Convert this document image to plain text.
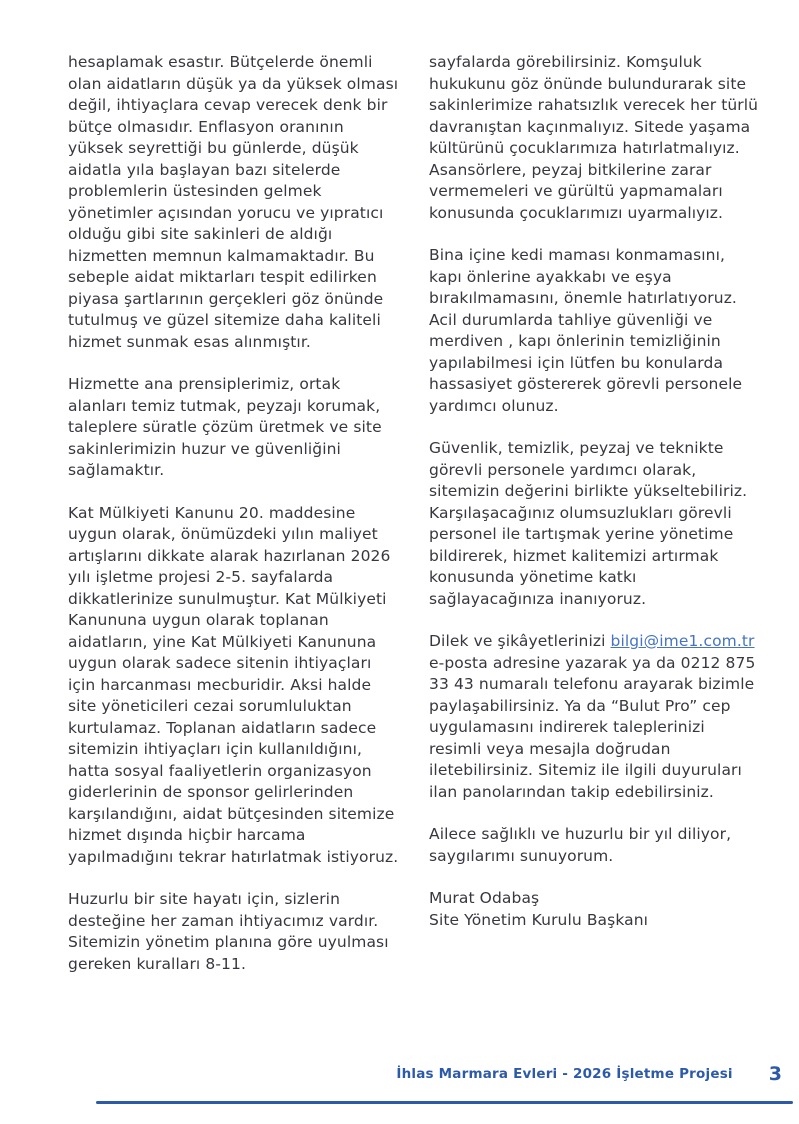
hesaplamak esastır. Bütçelerde önemli olan aidatların düşük ya da yüksek olması değil, ihtiyaçlara cevap verecek denk bir bütçe olmasıdır. Enflasyon oranının yüksek seyrettiği bu günlerde, düşük aidatla yıla başlayan bazı sitelerde problemlerin üstesinden gelmek yönetimler açısından yorucu ve yıpratıcı olduğu gibi site sakinleri de aldığı hizmetten memnun kalmamaktadır. Bu sebeple aidat miktarları tespit edilirken piyasa şartlarının gerçekleri göz önünde tutulmuş ve güzel sitemize daha kaliteli hizmet sunmak esas alınmıştır.

Hizmette ana prensiplerimiz, ortak alanları temiz tutmak, peyzajı korumak, taleplere süratle çözüm üretmek ve site sakinlerimizin huzur ve güvenliğini sağlamaktır.

Kat Mülkiyeti Kanunu 20. maddesine uygun olarak, önümüzdeki yılın maliyet artışlarını dikkate alarak hazırlanan 2026 yılı işletme projesi 2-5. sayfalarda dikkatlerinize sunulmuştur. Kat Mülkiyeti Kanununa uygun olarak toplanan aidatların, yine Kat Mülkiyeti Kanununa uygun olarak sadece sitenin ihtiyaçları için harcanması mecburidir. Aksi halde site yöneticileri cezai sorumluluktan kurtulamaz. Toplanan aidatların sadece sitemizin ihtiyaçları için kullanıldığını, hatta sosyal faaliyetlerin organizasyon giderlerinin de sponsor gelirlerinden karşılandığını, aidat bütçesinden sitemize hizmet dışında hiçbir harcama yapılmadığını tekrar hatırlatmak istiyoruz.

Huzurlu bir site hayatı için, sizlerin desteğine her zaman ihtiyacımız vardır. Sitemizin yönetim planına göre uyulması gereken kuralları 8-11.

sayfalarda görebilirsiniz. Komşuluk hukukunu göz önünde bulundurarak site sakinlerimize rahatsızlık verecek her türlü davranıştan kaçınmalıyız. Sitede yaşama kültürünü çocuklarımıza hatırlatmalıyız. Asansörlere, peyzaj bitkilerine zarar vermemeleri ve gürültü yapmamaları konusunda çocuklarımızı uyarmalıyız.

Bina içine kedi maması konmamasını, kapı önlerine ayakkabı ve eşya bırakılmamasını, önemle hatırlatıyoruz. Acil durumlarda tahliye güvenliği ve merdiven , kapı önlerinin temizliğinin yapılabilmesi için lütfen bu konularda hassasiyet göstererek görevli personele yardımcı olunuz.

Güvenlik, temizlik, peyzaj ve teknikte görevli personele yardımcı olarak, sitemizin değerini birlikte yükseltebiliriz. Karşılaşacağınız olumsuzlukları görevli personel ile tartışmak yerine yönetime bildirerek, hizmet kalitemizi artırmak konusunda yönetime katkı sağlayacağınıza inanıyoruz.

Dilek ve şikâyetlerinizi bilgi@ime1.com.tr e-posta adresine yazarak ya da 0212 875 33 43 numaralı telefonu arayarak bizimle paylaşabilirsiniz. Ya da “Bulut Pro” cep uygulamasını indirerek taleplerinizi resimli veya mesajla doğrudan iletebilirsiniz. Sitemiz ile ilgili duyuruları ilan panolarından takip edebilirsiniz.

Ailece sağlıklı ve huzurlu bir yıl diliyor, saygılarımı sunuyorum.

Murat Odabaş
Site Yönetim Kurulu Başkanı
İhlas Marmara Evleri - 2026 İşletme Projesi 3
